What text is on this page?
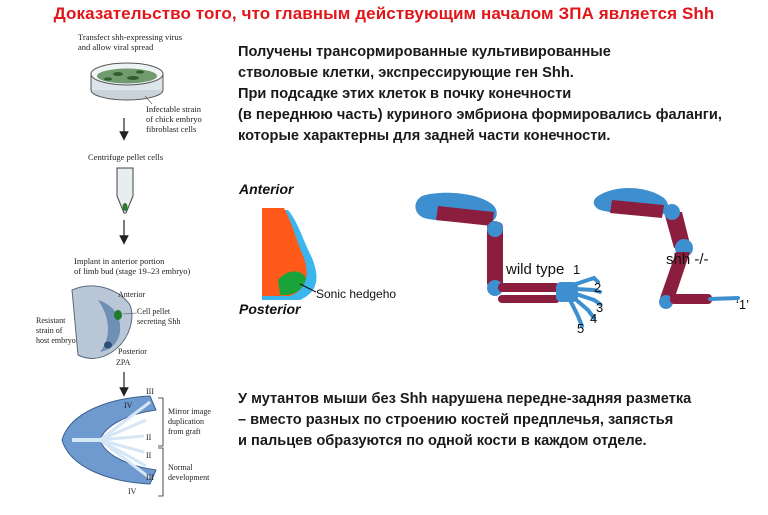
Доказательство того, что главным действующим началом ЗПА является Shh
Получены трансормированные культивированные
стволовые клетки, экспрессирующие ген Shh.
При подсадке этих клеток в почку конечности
(в переднюю часть) куриного эмбриона формировались фаланги,
которые характерны для задней части конечности.
У мутантов мыши без Shh нарушена передне-задняя разметка
– вместо разных по строению костей предплечья, запястья
и пальцев образуются по одной кости в каждом отделе.
Transfect shh-expressing virus
and allow viral spread
Infectable strain
of chick embryo
fibroblast cells
Centrifuge pellet cells
Implant in anterior portion
of limb bud (stage 19–23 embryo)
Anterior
Cell pellet
secreting Shh
Resistant
strain of
host embryo
Posterior
ZPA
III
IV
II
II
III
IV
Mirror image
duplication
from graft
Normal
development
Anterior
Sonic hedgeho
Posterior
wild type 1
2
3
4
5
shh -/-
‘1’
